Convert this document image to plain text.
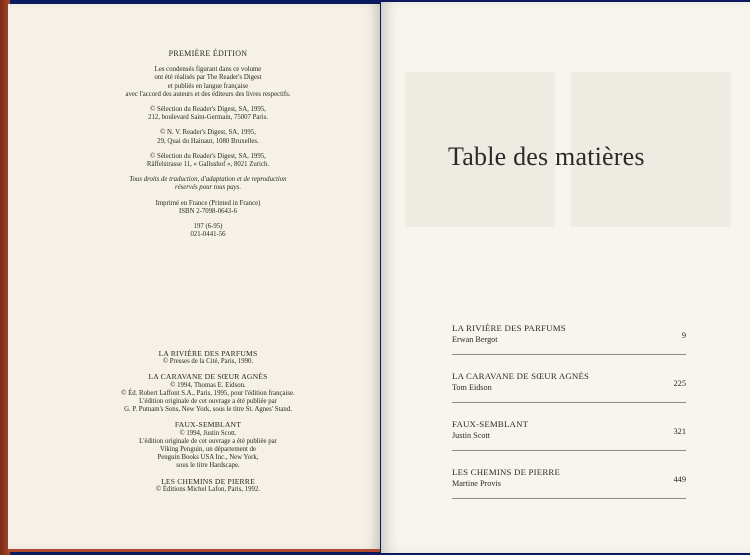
PREMIÈRE ÉDITION

Les condensés figurant dans ce volume
ont été réalisés par The Reader's Digest
et publiés en langue française
avec l'accord des auteurs et des éditeurs des livres respectifs.

© Sélection du Reader's Digest, SA, 1995,
212, boulevard Saint-Germain, 75007 Paris.

© N. V. Reader's Digest, SA, 1995,
29, Quai du Hainaut, 1080 Bruxelles.

© Sélection du Reader's Digest, SA, 1995,
Räffelstrasse 11, « Gallushof », 8021 Zurich.

Tous droits de traduction, d'adaptation et de reproduction
réservés pour tous pays.

Imprimé en France (Printed in France)
ISBN 2-7098-0643-6

197 (6-95)
021-0441-56

LA RIVIÈRE DES PARFUMS
© Presses de la Cité, Paris, 1990.

LA CARAVANE DE SŒUR AGNÈS
© 1994, Thomas E. Eidson.
© Éd. Robert Laffont S.A., Paris, 1995, pour l'édition française.
L'édition originale de cet ouvrage a été publiée par
G. P. Putnam's Sons, New York, sous le titre St. Agnes' Stand.

FAUX-SEMBLANT
© 1994, Justin Scott.
L'édition originale de cet ouvrage a été publiée par
Viking Penguin, un département de
Penguin Books USA Inc., New York,
sous le titre Hardscape.

LES CHEMINS DE PIERRE
© Éditions Michel Lafon, Paris, 1992.

Table des matières
LA RIVIÈRE DES PARFUMS
Erwan Bergot	9
LA CARAVANE DE SŒUR AGNÈS
Tom Eidson	225
FAUX-SEMBLANT
Justin Scott	321
LES CHEMINS DE PIERRE
Martine Provis	449
